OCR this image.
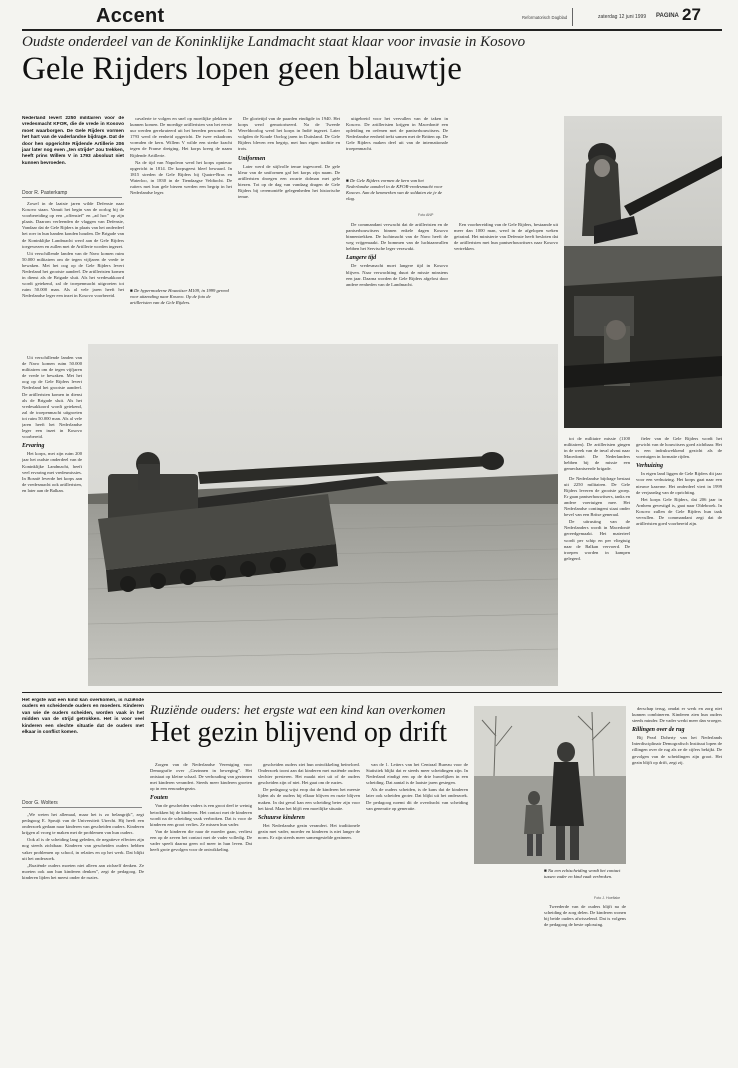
Accent	Reformatorisch Dagblad	zaterdag 12 juni 1999 PAGINA 27
Oudste onderdeel van de Koninklijke Landmacht staat klaar voor invasie in Kosovo
Gele Rijders lopen geen blauwtje
Nederland levert 2250 militairen voor de vredesmacht KFOR, die de vrede in Kosovo moet waarborgen. De Gele Rijders vormen het hart van de vaderlandse bijdrage. Dat de door hen opgerichte Rijdende Artillerie 206 jaar later nog even „ten strijde” zou trekken, heeft prins Willem V in 1793 absoluut niet kunnen bevroeden.
Door R. Pasterkamp
Zowel in de laatste jaren wilde Defensie naar Kosovo staan. Vanuit het begin van de oorlog bij de voorbereiding op een „offensief” en „ad hoc” op zijn plaats. Daarom verleenden de vlaggen van Defensie, Vandaar dat de Gele Rijders in plaats van het onderdeel het roer in hun handen konden houden. De Brigade van de Koninklijke Landmacht werd aan de Gele Rijders toegewezen en zullen met de Artillerie worden ingezet.
Uit verschillende landen van de Navo komen ruim 50.000 militairen om de tegen vijfjaren de vrede te bewaken. Met het oog op de Gele Rijders levert Nederland het grootste aandeel. De artilleristen komen in dienst als de Brigade sluit. Als het vredesakkoord wordt getekend, zal de troepenmacht uitgroeien tot ruim 50.000 man. Als al vele jaren heeft het Nederlandse leger een inzet in Kosovo voorbereid.
Uit verschillende landen van de Navo komen ruim 50.000 militairen om de tegen vijfjaren de vrede te bewaken. Met het oog op de Gele Rijders levert Nederland het grootste aandeel. De artilleristen komen in dienst als de Brigade sluit. Als het vredesakkoord wordt getekend, zal de troepenmacht uitgroeien tot ruim 50.000 man. Als al vele jaren heeft het Nederlandse leger een inzet in Kosovo voorbereid.
Ervaring
Het korps, met zijn ruim 200 jaar het oudste onderdeel van de Koninklijke Landmacht, heeft veel ervaring met vredesmissies. In Bosnië leverde het korps aan de vredesmacht ook artilleristen, en later aan de Balkan.
cavalerie te volgen en snel op moeilijke plekken te kunnen komen. De moedige artilleristen van het eerste uur werden gerekruteerd uit het bereden personeel. In 1793 werd de eenheid opgericht. De twee eskadrons vormden de kern. Willem V wilde een sterke kracht tegen de Franse dreiging. Het korps kreeg de naam Rijdende Artillerie.
Na de tijd van Napoleon werd het korps opnieuw opgericht in 1814. De korpsgeest bleef bewaard. In 1815 streden de Gele Rijders bij Quatre-Bras en Waterloo, in 1830 in de Tiendaagse Veldtocht. De ruiters met hun gele biezen werden een begrip in het Nederlandse leger.
■ De hypermoderne Houwitser M109, in 1999 gereed voor uitzending naar Kosovo. Op de foto de artilleristen van de Gele Rijders.
De glorietijd van de paarden eindigde in 1940. Het korps werd gemotoriseerd. Na de Tweede Wereldoorlog werd het korps in Indië ingezet. Later volgden de Koude Oorlog jaren in Duitsland. De Gele Rijders bleven een begrip, met hun eigen traditie en trots.
Uniformen
Later werd de stijlvolle tenue ingevoerd. De gele kleur van de uniformen gaf het korps zijn naam. De artilleristen droegen een zwarte dolman met gele biezen. Tot op de dag van vandaag dragen de Gele Rijders bij ceremoniële gelegenheden het historische tenue.
uitgebreid voor het vervullen van de taken in Kosovo. De artilleristen krijgen in Macedonië een opleiding en oefenen met de pantserhouwitsers. De Nederlandse eenheid trekt samen met de Britten op. De Gele Rijders maken deel uit van de internationale troepenmacht.
■ De Gele Rijders vormen de kern van het Nederlandse aandeel in de KFOR-vredesmacht voor Kosovo. Aan de kenmerken van de soldaten zie je de vlag.
Foto ANP
De commandant verwacht dat de artilleristen en de pantserhouwitsers binnen enkele dagen Kosovo binnentrekken. De luchtmacht van de Navo heeft de weg vrijgemaakt. De bommen van de luchtaanvallen hebben het Servische leger verzwakt.
Langere tijd
De vredesmacht moet langere tijd in Kosovo blijven. Naar verwachting duurt de missie minstens een jaar. Daarna worden de Gele Rijders afgelost door andere eenheden van de Landmacht.
Een voorbereiding van de Gele Rijders, bestaande uit meer dan 1000 man, werd in de afgelopen weken getraind. Het ministerie van Defensie heeft besloten dat de artilleristen met hun pantserhouwitsers naar Kosovo vertrekken.
tot de militaire missie (1100 militairen). De artilleristen gingen in de week van de inval alvast naar Macedonië. De Nederlanders hebben bij de missie een gemechaniseerde brigade.
De Nederlandse bijdrage bestaat uit 2250 militairen. De Gele Rijders leveren de grootste groep. Er gaan pantserhouwitsers, tanks en andere voertuigen mee. Het Nederlandse contingent staat onder bevel van een Britse generaal.
De uitrusting van de Nederlanders wordt in Macedonië gereedgemaakt. Het materieel wordt per schip en per vliegtuig naar de Balkan vervoerd. De troepen worden in kampen gelegerd.
fieler van de Gele Rijders wordt het gewicht van de houwitsers goed zichtbaar. Het is een indrukwekkend gezicht als de voertuigen in formatie rijden.
Verhuizing
In eigen land liggen de Gele Rijders dit jaar voor een verhuizing. Het korps gaat naar een nieuwe kazerne. Het onderdeel viert in 1999 de verjaardag van de oprichting.
Het korps Gele Rijders, dat 206 jaar in Arnhem gevestigd is, gaat naar Oldebroek. In Kosovo zullen de Gele Rijders hun taak vervullen. De commandant zegt dat de artilleristen goed voorbereid zijn.
Het ergste wat een kind kan overkomen, is ruziënde ouders en scheidende ouders en moeders. Kinderen van wie de ouders scheiden, worden vaak in het midden van de strijd getrokken. Het is voor veel kinderen een slechte situatie dat de ouders met elkaar in conflict komen.
Door G. Wolters
Ruziënde ouders: het ergste wat een kind kan overkomen
Het gezin blijvend op drift
„We weten het allemaal, maar het is zo belangrijk”, zegt pedagoog E. Spruijt van de Universiteit Utrecht. Hij heeft een onderzoek gedaan naar kinderen van gescheiden ouders. Kinderen krijgen al vroeg te maken met de problemen van hun ouders.
Ook al is de scheiding lang geleden, de negatieve effecten zijn nog steeds zichtbaar. Kinderen van gescheiden ouders hebben vaker problemen op school, in relaties en op het werk. Dat blijkt uit het onderzoek.
„Ruziënde ouders moeten niet alleen aan zichzelf denken. Ze moeten ook aan hun kinderen denken”, zegt de pedagoog. De kinderen lijden het meest onder de ruzies.
Zorgen van de Nederlandse Vereniging voor Demografie over „Gezinnen in beweging”. Het ontstaat op kleine schaal. De verhouding van gezinnen met kinderen verandert. Steeds meer kinderen groeien op in een eenoudergezin.
Fouten
Van de gescheiden vaders is een groot deel te weinig betrokken bij de kinderen. Het contact met de kinderen wordt na de scheiding vaak verbroken. Dat is voor de kinderen een groot verlies. Ze missen hun vader.
Van de kinderen die naar de moeder gaan, verliest een op de zeven het contact met de vader volledig. De vader speelt daarna geen rol meer in hun leven. Dat heeft grote gevolgen voor de ontwikkeling.
gescheiden ouders ziet hun ontwikkeling beïnvloed. Onderzoek toont aan dat kinderen met ruziënde ouders slechter presteren. Het maakt niet uit of de ouders gescheiden zijn of niet. Het gaat om de ruzies.
De pedagoog wijst erop dat de kinderen het meeste lijden als de ouders bij elkaar blijven en ruzie blijven maken. In dat geval kan een scheiding beter zijn voor het kind. Maar het blijft een moeilijke situatie.
Schuurse kinderen
Het Nederlandse gezin verandert. Het traditionele gezin met vader, moeder en kinderen is niet langer de norm. Er zijn steeds meer samengestelde gezinnen.
van de 1. Letters van het Centraal Bureau voor de Statistiek blijkt dat er steeds meer scheidingen zijn. In Nederland eindigt een op de drie huwelijken in een scheiding. Dat aantal is de laatste jaren gestegen.
Als de ouders scheiden, is de kans dat de kinderen later ook scheiden groter. Dat blijkt uit het onderzoek. De pedagoog noemt dit de overdracht van scheiding van generatie op generatie.
■ Na een echtscheiding wordt het contact tussen vader en kind vaak verbroken.
Foto J. Hoeflake
derschap terug, omdat er werk en zorg niet kunnen combineren. Kinderen zien hun ouders steeds minder. De vader werkt meer dan vroeger.
Rillingen over de rug
Bij Pearl Doherty van het Nederlands Interdisciplinair Demografisch Instituut lopen de rillingen over de rug als ze de cijfers bekijkt. De gevolgen van de scheidingen zijn groot. Het gezin blijft op drift, zegt zij.
Tweederde van de ouders blijft na de scheiding de zorg delen. De kinderen wonen bij beide ouders afwisselend. Dat is volgens de pedagoog de beste oplossing.
